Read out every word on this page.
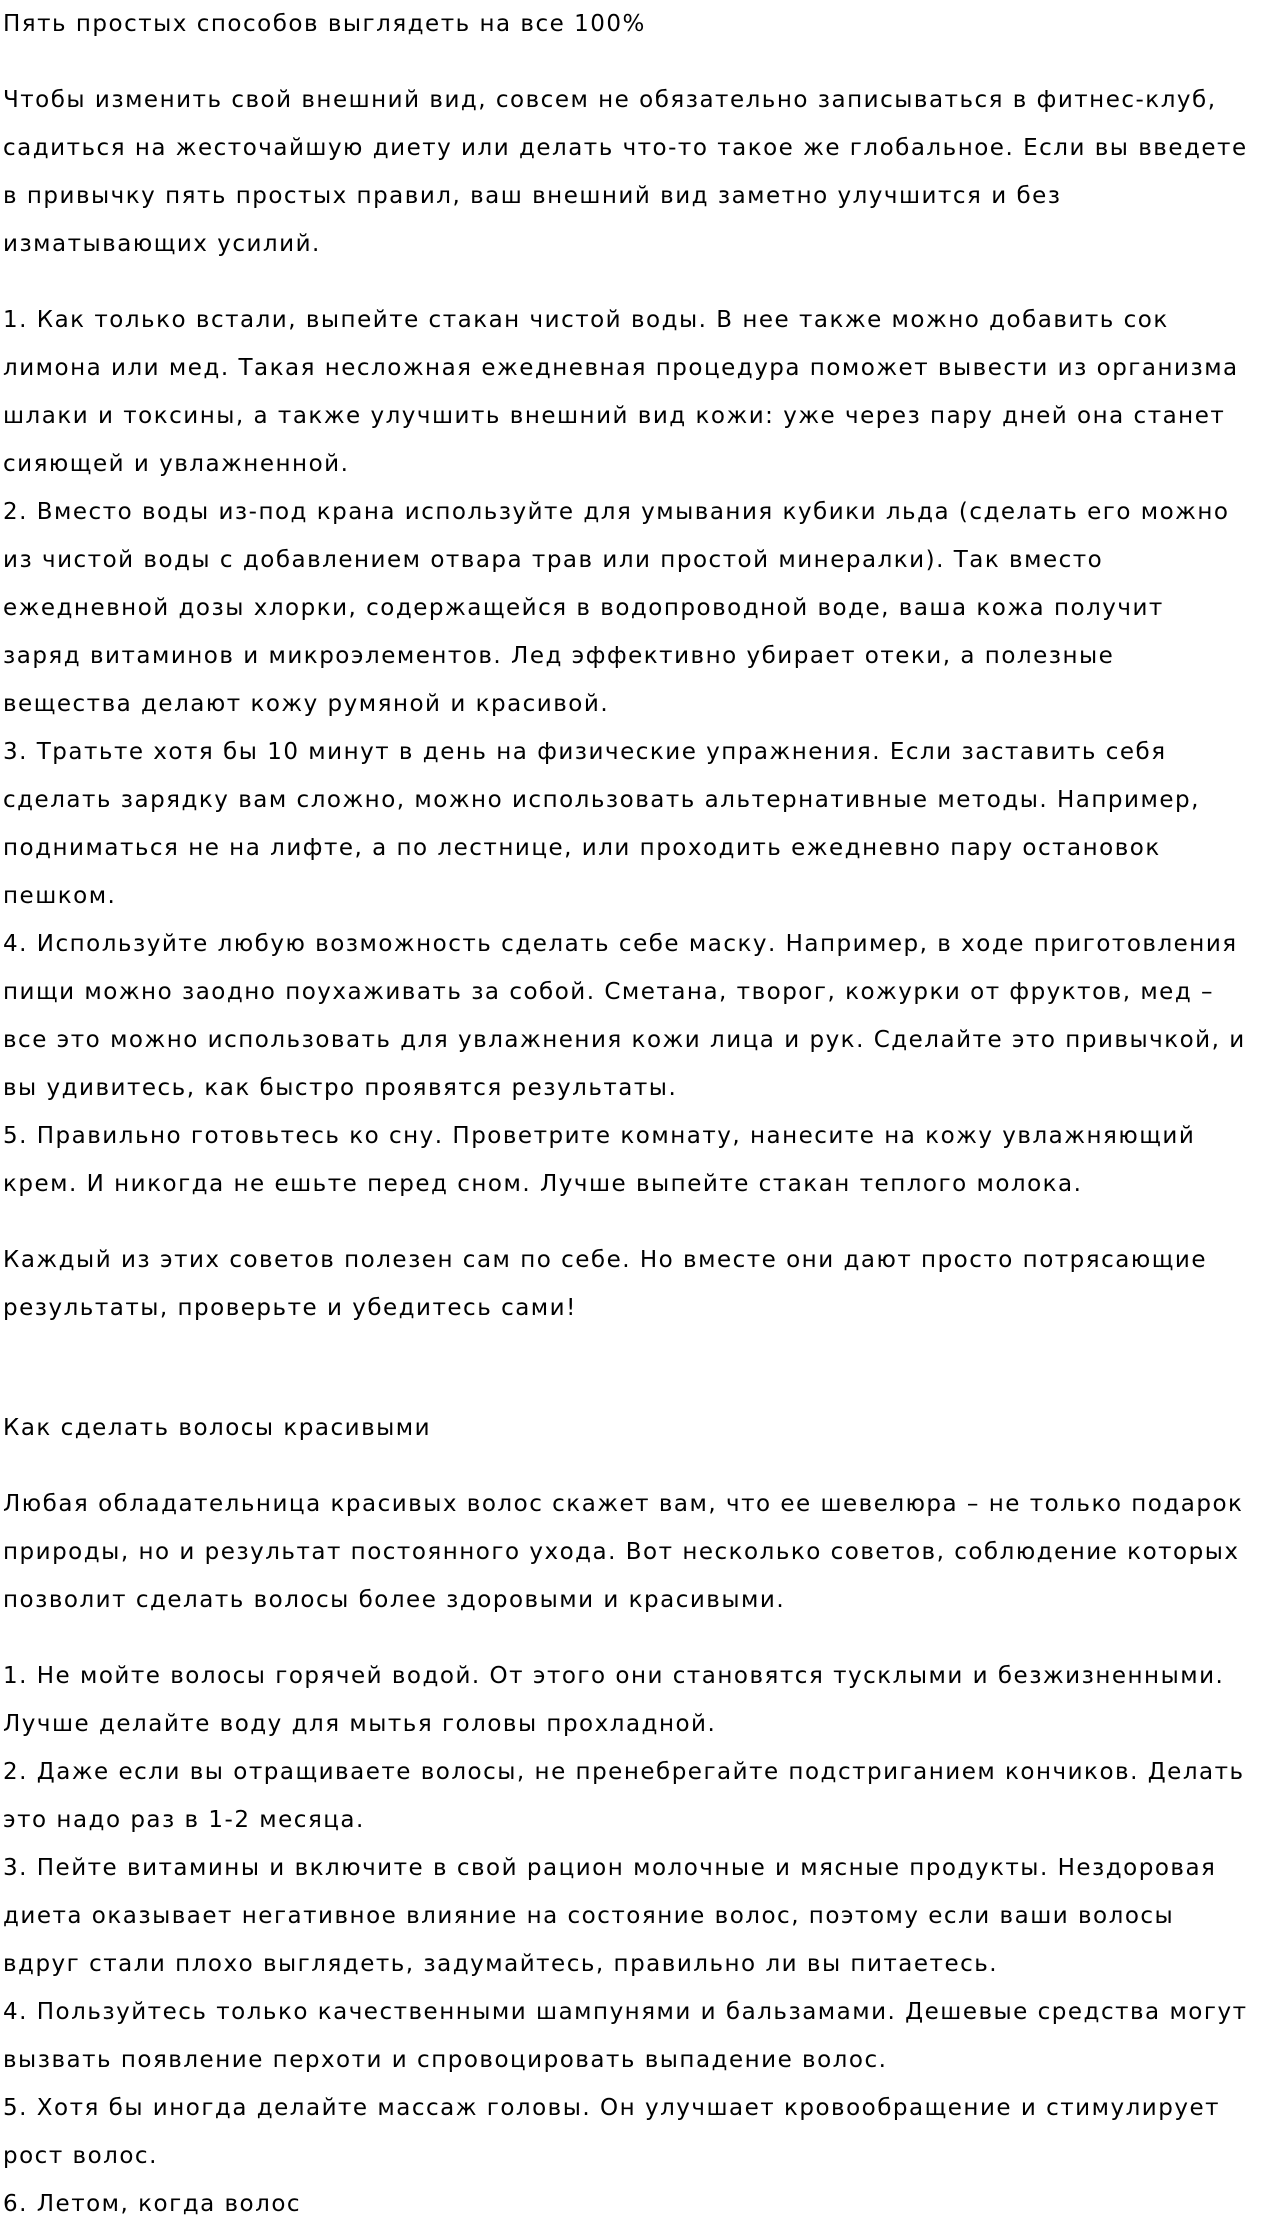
Пять простых способов выглядеть на все 100%
Чтобы изменить свой внешний вид, совсем не обязательно записываться в фитнес-клуб,
садиться на жесточайшую диету или делать что-то такое же глобальное. Если вы введете
в привычку пять простых правил, ваш внешний вид заметно улучшится и без
изматывающих усилий.
1. Как только встали, выпейте стакан чистой воды. В нее также можно добавить сок
лимона или мед. Такая несложная ежедневная процедура поможет вывести из организма
шлаки и токсины, а также улучшить внешний вид кожи: уже через пару дней она станет
сияющей и увлажненной.
2. Вместо воды из-под крана используйте для умывания кубики льда (сделать его можно
из чистой воды с добавлением отвара трав или простой минералки). Так вместо
ежедневной дозы хлорки, содержащейся в водопроводной воде, ваша кожа получит
заряд витаминов и микроэлементов. Лед эффективно убирает отеки, а полезные
вещества делают кожу румяной и красивой.
3. Тратьте хотя бы 10 минут в день на физические упражнения. Если заставить себя
сделать зарядку вам сложно, можно использовать альтернативные методы. Например,
подниматься не на лифте, а по лестнице, или проходить ежедневно пару остановок
пешком.
4. Используйте любую возможность сделать себе маску. Например, в ходе приготовления
пищи можно заодно поухаживать за собой. Сметана, творог, кожурки от фруктов, мед –
все это можно использовать для увлажнения кожи лица и рук. Сделайте это привычкой, и
вы удивитесь, как быстро проявятся результаты.
5. Правильно готовьтесь ко сну. Проветрите комнату, нанесите на кожу увлажняющий
крем. И никогда не ешьте перед сном. Лучше выпейте стакан теплого молока.
Каждый из этих советов полезен сам по себе. Но вместе они дают просто потрясающие
результаты, проверьте и убедитесь сами!
Как сделать волосы красивыми
Любая обладательница красивых волос скажет вам, что ее шевелюра – не только подарок
природы, но и результат постоянного ухода. Вот несколько советов, соблюдение которых
позволит сделать волосы более здоровыми и красивыми.
1. Не мойте волосы горячей водой. От этого они становятся тусклыми и безжизненными.
Лучше делайте воду для мытья головы прохладной.
2. Даже если вы отращиваете волосы, не пренебрегайте подстриганием кончиков. Делать
это надо раз в 1-2 месяца.
3. Пейте витамины и включите в свой рацион молочные и мясные продукты. Нездоровая
диета оказывает негативное влияние на состояние волос, поэтому если ваши волосы
вдруг стали плохо выглядеть, задумайтесь, правильно ли вы питаетесь.
4. Пользуйтесь только качественными шампунями и бальзамами. Дешевые средства могут
вызвать появление перхоти и спровоцировать выпадение волос.
5. Хотя бы иногда делайте массаж головы. Он улучшает кровообращение и стимулирует
рост волос.
6. Летом, когда волос
